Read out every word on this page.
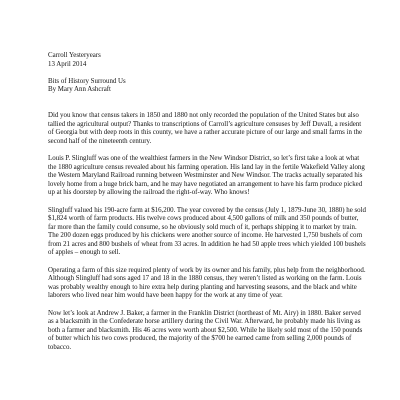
Carroll Yesteryears
13 April 2014
Bits of History Surround Us
By Mary Ann Ashcraft

Did you know that census takers in 1850 and 1880 not only recorded the population of the United States but also tallied the agricultural output? Thanks to transcriptions of Carroll’s agriculture censuses by Jeff Duvall, a resident of Georgia but with deep roots in this county, we have a rather accurate picture of our large and small farms in the second half of the nineteenth century.

Louis P. Slingluff was one of the wealthiest farmers in the New Windsor District, so let’s first take a look at what the 1880 agriculture census revealed about his farming operation. His land lay in the fertile Wakefield Valley along the Western Maryland Railroad running between Westminster and New Windsor. The tracks actually separated his lovely home from a huge brick barn, and he may have negotiated an arrangement to have his farm produce picked up at his doorstep by allowing the railroad the right-of-way. Who knows!

Slingluff valued his 190-acre farm at $16,200. The year covered by the census (July 1, 1879-June 30, 1880) he sold $1,824 worth of farm products. His twelve cows produced about 4,500 gallons of milk and 350 pounds of butter, far more than the family could consume, so he obviously sold much of it, perhaps shipping it to market by train. The 200 dozen eggs produced by his chickens were another source of income. He harvested 1,750 bushels of corn from 21 acres and 800 bushels of wheat from 33 acres. In addition he had 50 apple trees which yielded 100 bushels of apples – enough to sell.

Operating a farm of this size required plenty of work by its owner and his family, plus help from the neighborhood. Although Slingluff had sons aged 17 and 18 in the 1880 census, they weren’t listed as working on the farm. Louis was probably wealthy enough to hire extra help during planting and harvesting seasons, and the black and white laborers who lived near him would have been happy for the work at any time of year.

Now let’s look at Andrew J. Baker, a farmer in the Franklin District (northeast of Mt. Airy) in 1880. Baker served as a blacksmith in the Confederate horse artillery during the Civil War. Afterward, he probably made his living as both a farmer and blacksmith. His 46 acres were worth about $2,500. While he likely sold most of the 150 pounds of butter which his two cows produced, the majority of the $700 he earned came from selling 2,000 pounds of tobacco.
